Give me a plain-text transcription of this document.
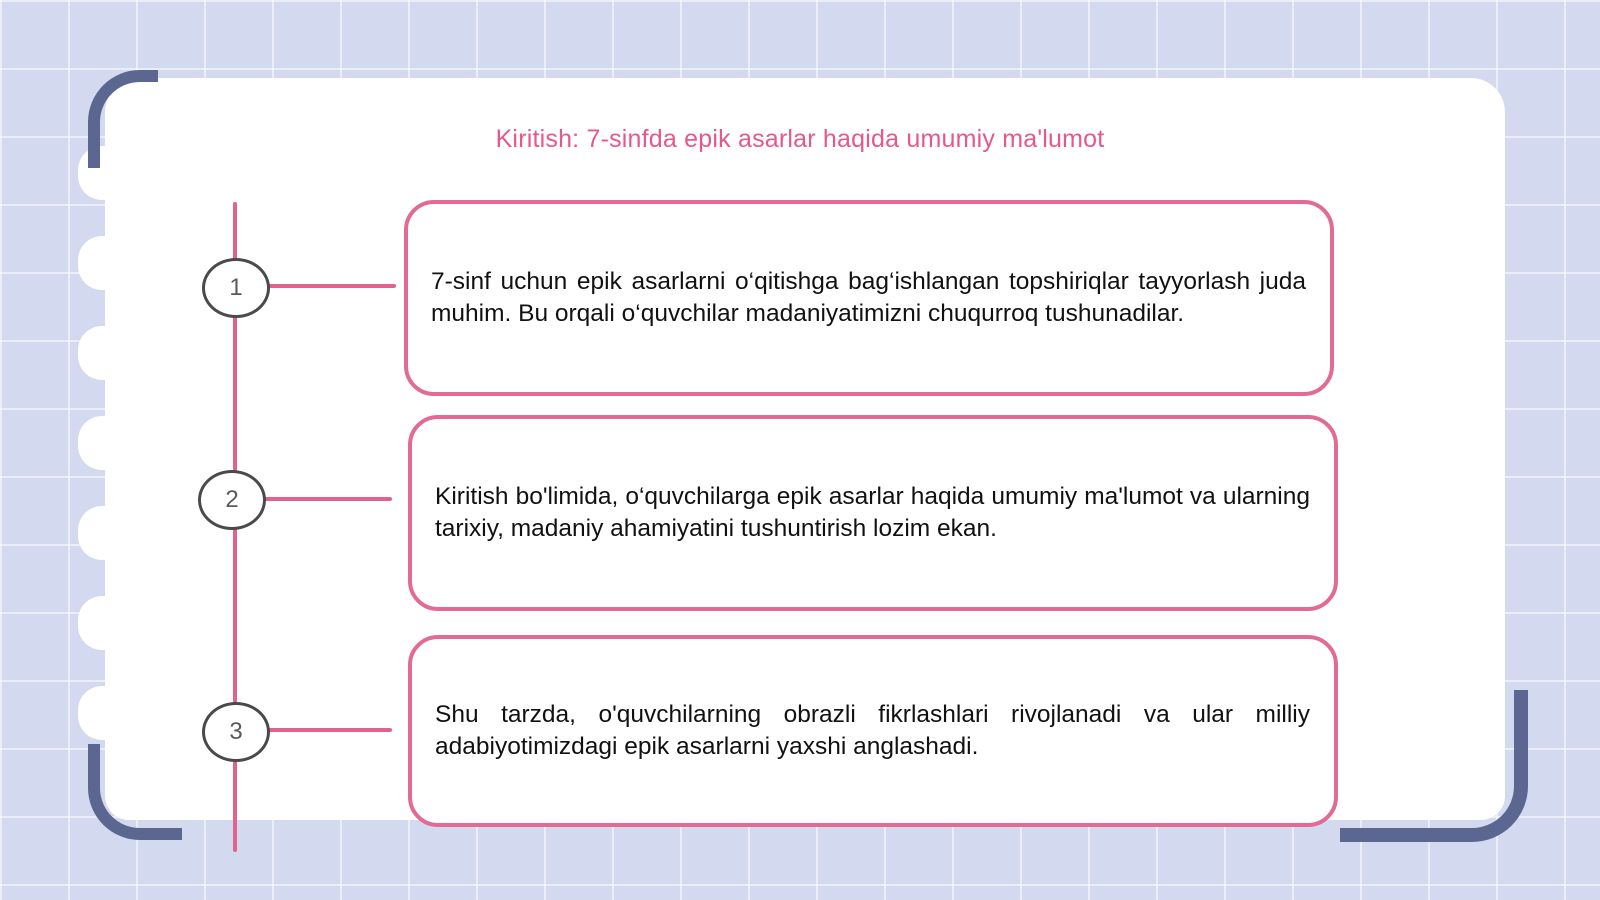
Kiritish: 7-sinfda epik asarlar haqida umumiy ma'lumot
1
2
3

7-sinf uchun epik asarlarni o‘qitishga bag‘ishlangan topshiriqlar tayyorlash juda muhim. Bu orqali o‘quvchilar madaniyatimizni chuqurroq tushunadilar.

Kiritish bo'limida, o‘quvchilarga epik asarlar haqida umumiy ma'lumot va ularning tarixiy, madaniy ahamiyatini tushuntirish lozim ekan.

Shu tarzda, o'quvchilarning obrazli fikrlashlari rivojlanadi va ular milliy adabiyotimizdagi epik asarlarni yaxshi anglashadi.
